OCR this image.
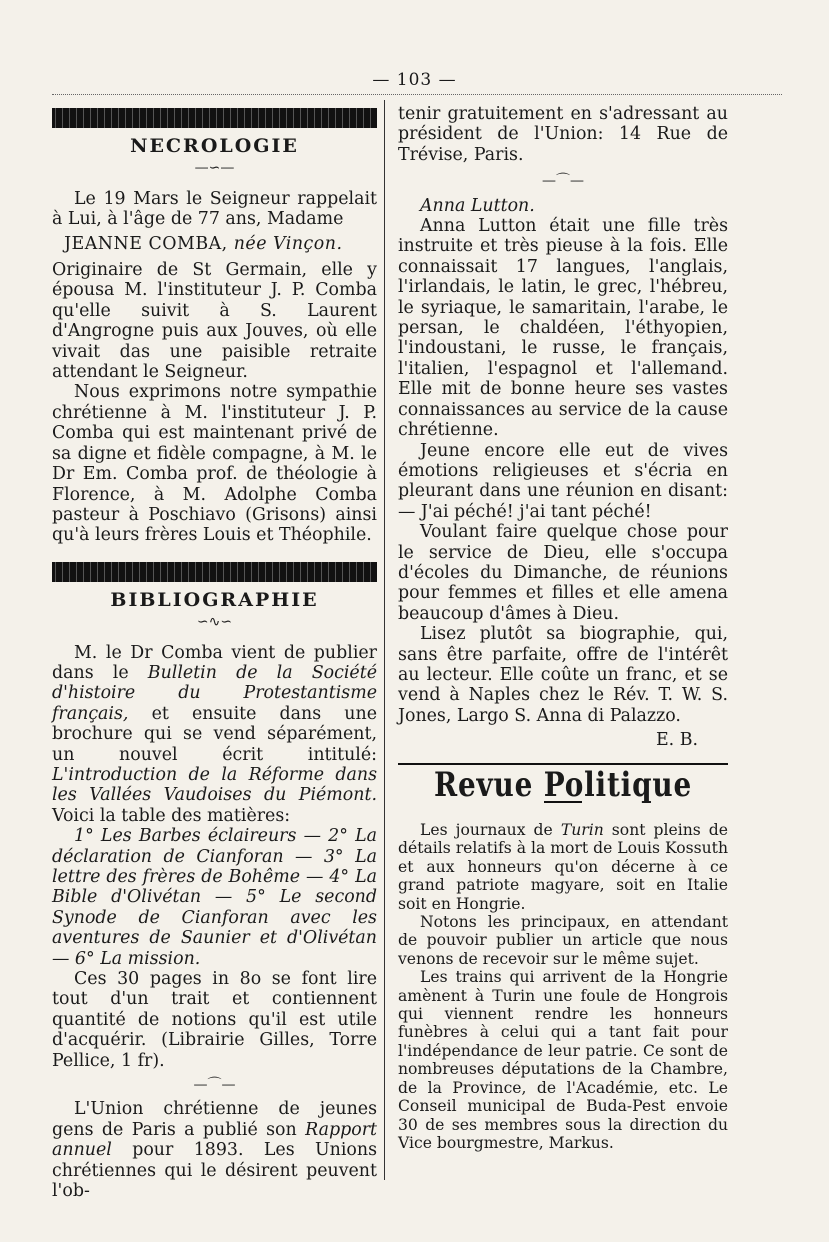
— 103 —
NECROLOGIE
—∽—

Le 19 Mars le Seigneur rappelait à Lui, à l'âge de 77 ans, Madame

JEANNE COMBA, née Vinçon.

Originaire de St Germain, elle y épousa M. l'instituteur J. P. Comba qu'elle suivit à S. Laurent d'Angrogne puis aux Jouves, où elle vivait das une paisible retraite attendant le Seigneur.

Nous exprimons notre sympathie chrétienne à M. l'instituteur J. P. Comba qui est maintenant privé de sa digne et fidèle compagne, à M. le Dr Em. Comba prof. de théologie à Florence, à M. Adolphe Comba pasteur à Poschiavo (Grisons) ainsi qu'à leurs frères Louis et Théophile.

BIBLIOGRAPHIE
∽∿∽

M. le Dr Comba vient de publier dans le Bulletin de la Société d'histoire du Protestantisme français, et ensuite dans une brochure qui se vend séparément, un nouvel écrit intitulé: L'introduction de la Réforme dans les Vallées Vaudoises du Piémont. Voici la table des matières:

1° Les Barbes éclaireurs — 2° La déclaration de Cianforan — 3° La lettre des frères de Bohême — 4° La Bible d'Olivétan — 5° Le second Synode de Cianforan avec les aventures de Saunier et d'Olivétan — 6° La mission.

Ces 30 pages in 8o se font lire tout d'un trait et contiennent quantité de notions qu'il est utile d'acquérir. (Librairie Gilles, Torre Pellice, 1 fr).

—⌒—

L'Union chrétienne de jeunes gens de Paris a publié son Rapport annuel pour 1893. Les Unions chrétiennes qui le désirent peuvent l'ob-

tenir gratuitement en s'adressant au président de l'Union: 14 Rue de Trévise, Paris.

—⌒—

Anna Lutton.

Anna Lutton était une fille très instruite et très pieuse à la fois. Elle connaissait 17 langues, l'anglais, l'irlandais, le latin, le grec, l'hébreu, le syriaque, le samaritain, l'arabe, le persan, le chaldéen, l'éthyopien, l'indoustani, le russe, le français, l'italien, l'espagnol et l'allemand. Elle mit de bonne heure ses vastes connaissances au service de la cause chrétienne.

Jeune encore elle eut de vives émotions religieuses et s'écria en pleurant dans une réunion en disant: — J'ai péché! j'ai tant péché!

Voulant faire quelque chose pour le service de Dieu, elle s'occupa d'écoles du Dimanche, de réunions pour femmes et filles et elle amena beaucoup d'âmes à Dieu.

Lisez plutôt sa biographie, qui, sans être parfaite, offre de l'intérêt au lecteur. Elle coûte un franc, et se vend à Naples chez le Rév. T. W. S. Jones, Largo S. Anna di Palazzo.

E. B.
Revue Politique

Les journaux de Turin sont pleins de détails relatifs à la mort de Louis Kossuth et aux honneurs qu'on décerne à ce grand patriote magyare, soit en Italie soit en Hongrie.

Notons les principaux, en attendant de pouvoir publier un article que nous venons de recevoir sur le même sujet.

Les trains qui arrivent de la Hongrie amènent à Turin une foule de Hongrois qui viennent rendre les honneurs funèbres à celui qui a tant fait pour l'indépendance de leur patrie. Ce sont de nombreuses députations de la Chambre, de la Province, de l'Académie, etc. Le Conseil municipal de Buda-Pest envoie 30 de ses membres sous la direction du Vice bourgmestre, Markus.
